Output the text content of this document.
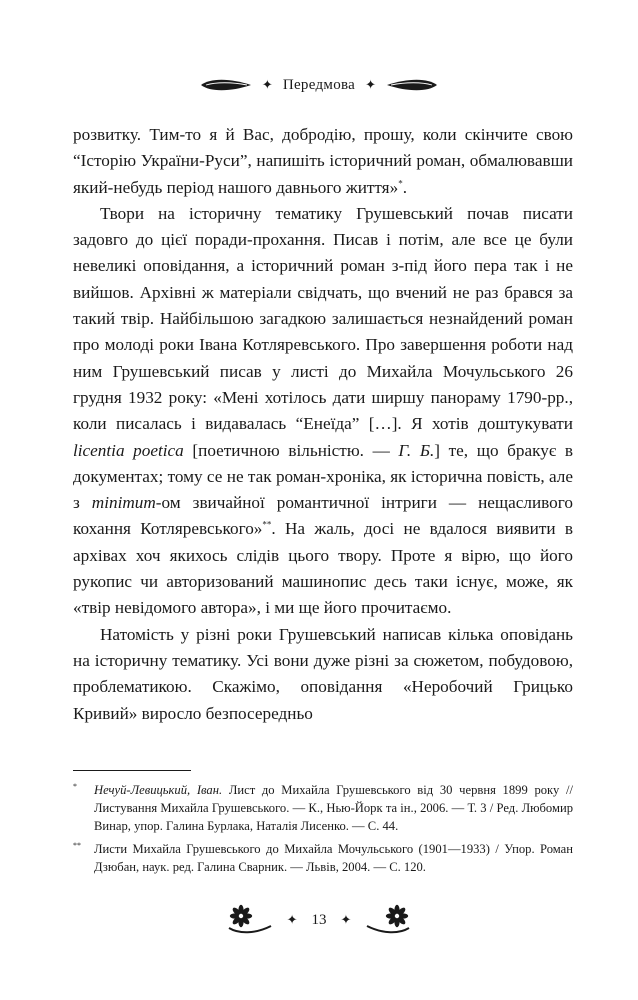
✦ Передмова ✦

розвитку. Тим-то я й Вас, добродію, прошу, коли скінчите свою “Історію України-Руси”, напишіть історичний роман, обмалювавши який-небудь період нашого давнього життя»*.

Твори на історичну тематику Грушевський почав писати задовго до цієї поради-прохання. Писав і потім, але все це були невеликі оповідання, а історичний роман з-під його пера так і не вийшов. Архівні ж матеріали свідчать, що вчений не раз брався за такий твір. Найбільшою загадкою залишається незнайдений роман про молоді роки Івана Котляревського. Про завершення роботи над ним Грушевський писав у листі до Михайла Мочульського 26 грудня 1932 року: «Мені хотілось дати ширшу панораму 1790-рр., коли писалась і видавалась “Енеїда” […]. Я хотів доштукувати licentia poetica [поетичною вільністю. — Г. Б.] те, що бракує в документах; тому се не так роман-хроніка, як історична повість, але з minimum-ом звичайної романтичної інтриги — нещасливого кохання Котляревського»**. На жаль, досі не вдалося виявити в архівах хоч якихось слідів цього твору. Проте я вірю, що його рукопис чи авторизований машинопис десь таки існує, може, як «твір невідомого автора», і ми ще його прочитаємо.

Натомість у різні роки Грушевський написав кілька оповідань на історичну тематику. Усі вони дуже різні за сюжетом, побудовою, проблематикою. Скажімо, оповідання «Неробочий Грицько Кривий» виросло безпосередньо

* Нечуй-Левицький, Іван. Лист до Михайла Грушевського від 30 червня 1899 року // Листування Михайла Грушевського. — К., Нью-Йорк та ін., 2006. — Т. 3 / Ред. Любомир Винар, упор. Галина Бурлака, Наталія Лисенко. — С. 44.
** Листи Михайла Грушевського до Михайла Мочульського (1901—1933) / Упор. Роман Дзюбан, наук. ред. Галина Сварник. — Львів, 2004. — С. 120.
✦ 13 ✦
